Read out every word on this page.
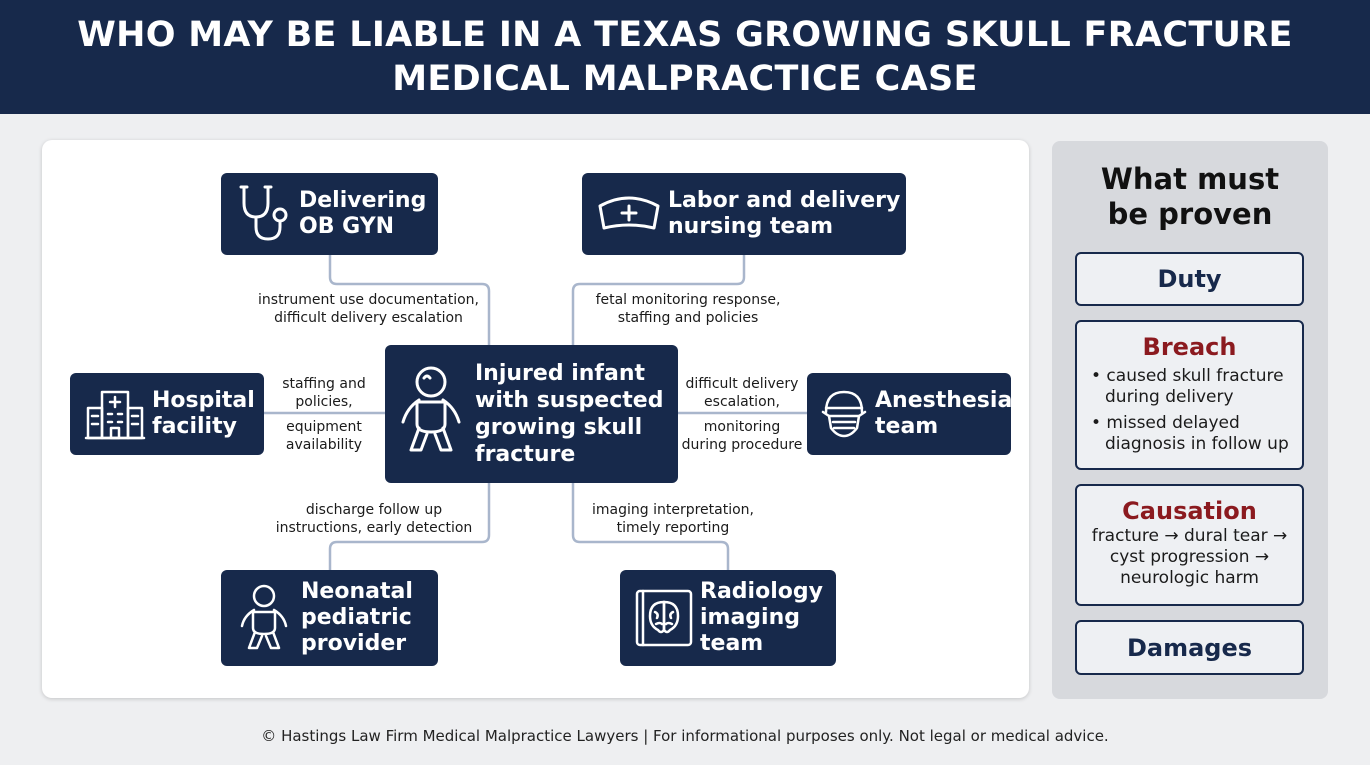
WHO MAY BE LIABLE IN A TEXAS GROWING SKULL FRACTURE
MEDICAL MALPRACTICE CASE
Injured infant
with suspected
growing skull
fracture
Delivering
OB GYN
Labor and delivery
nursing team
Hospital
facility
Anesthesia
team
Neonatal
pediatric
provider
Radiology
imaging
team
instrument use documentation,
difficult delivery escalation
fetal monitoring response,
staffing and policies
staffing and
policies,
equipment
availability
difficult delivery
escalation,
monitoring
during procedure
discharge follow up
instructions, early detection
imaging interpretation,
timely reporting
What must
be proven
Duty
Breach
• caused skull fracture during delivery
• missed delayed diagnosis in follow up
Causation
fracture → dural tear →
cyst progression →
neurologic harm
Damages
© Hastings Law Firm Medical Malpractice Lawyers | For informational purposes only. Not legal or medical advice.
